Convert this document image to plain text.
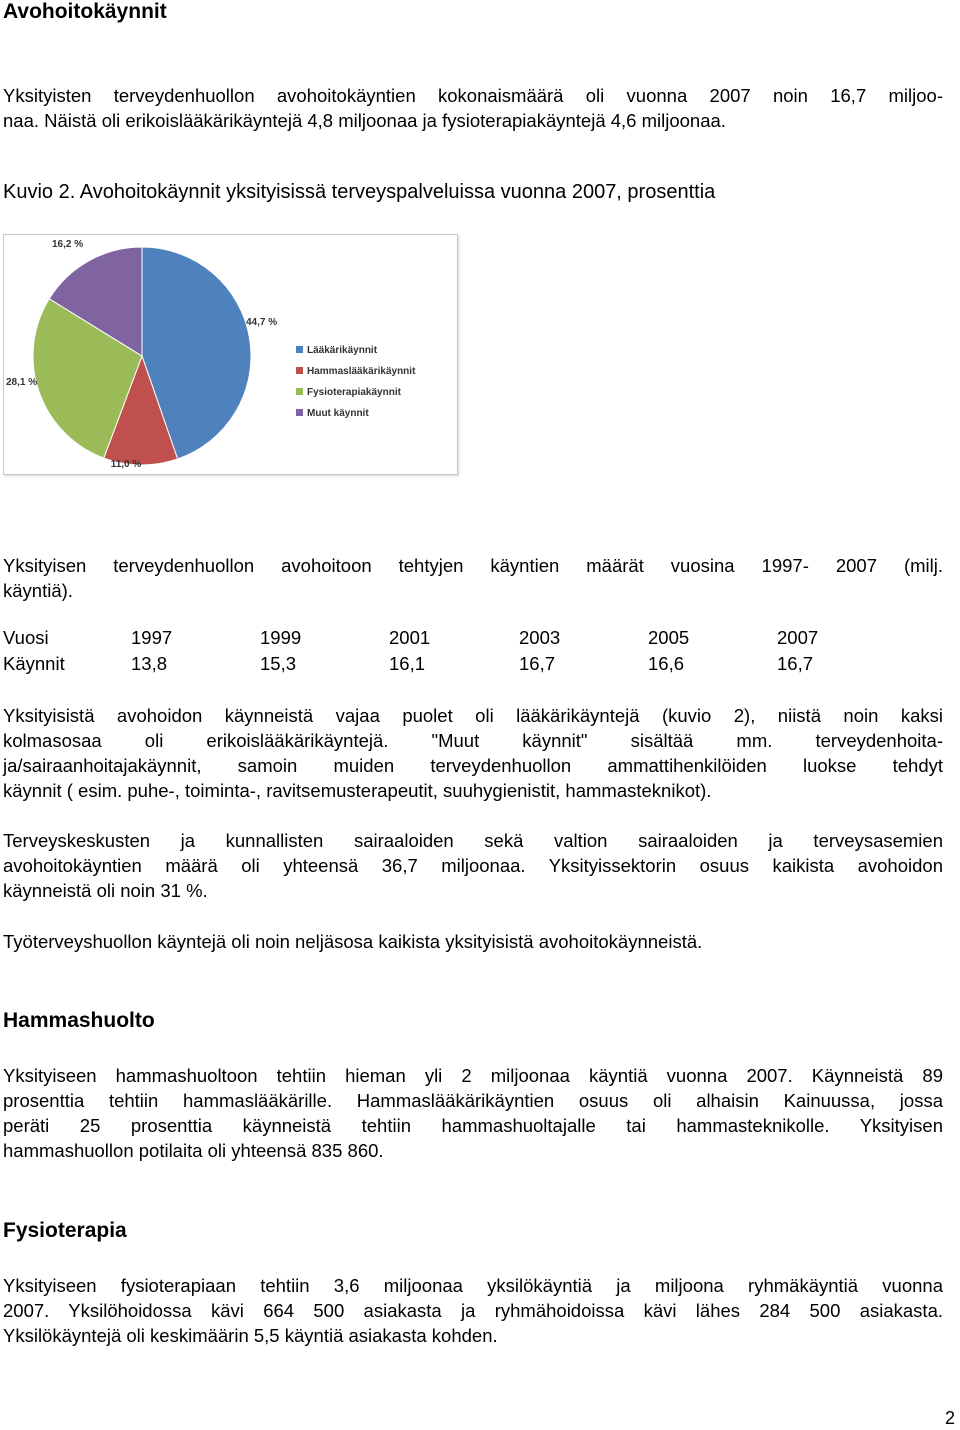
Avohoitokäynnit
Yksityisten terveydenhuollon avohoitokäyntien kokonaismäärä oli vuonna 2007 noin 16,7 miljoo-
naa. Näistä oli erikoislääkärikäyntejä 4,8 miljoonaa ja fysioterapiakäyntejä 4,6 miljoonaa.
Kuvio 2. Avohoitokäynnit yksityisissä terveyspalveluissa vuonna 2007, prosenttia
44,7 %
11,0 %
28,1 %
16,2 %
Lääkärikäynnit
Hammaslääkärikäynnit
Fysioterapiakäynnit
Muut käynnit
Yksityisen terveydenhuollon avohoitoon tehtyjen käyntien määrät vuosina 1997- 2007 (milj.
käyntiä).
Vuosi	1997	1999	2001	2003	2005	2007
Käynnit	13,8	15,3	16,1	16,7	16,6	16,7
Yksityisistä avohoidon käynneistä vajaa puolet oli lääkärikäyntejä (kuvio 2), niistä noin kaksi
kolmasosaa oli erikoislääkärikäyntejä. "Muut käynnit" sisältää mm. terveydenhoita-
ja/sairaanhoitajakäynnit, samoin muiden terveydenhuollon ammattihenkilöiden luokse tehdyt
käynnit ( esim. puhe-, toiminta-, ravitsemusterapeutit, suuhygienistit, hammasteknikot).
Terveyskeskusten ja kunnallisten sairaaloiden sekä valtion sairaaloiden ja terveysasemien
avohoitokäyntien määrä oli yhteensä 36,7 miljoonaa. Yksityissektorin osuus kaikista avohoidon
käynneistä oli noin 31 %.
Työterveyshuollon käyntejä oli noin neljäsosa kaikista yksityisistä avohoitokäynneistä.
Hammashuolto
Yksityiseen hammashuoltoon tehtiin hieman yli 2 miljoonaa käyntiä vuonna 2007. Käynneistä 89
prosenttia tehtiin hammaslääkärille. Hammaslääkärikäyntien osuus oli alhaisin Kainuussa, jossa
peräti 25 prosenttia käynneistä tehtiin hammashuoltajalle tai hammasteknikolle. Yksityisen
hammashuollon potilaita oli yhteensä 835 860.
Fysioterapia
Yksityiseen fysioterapiaan tehtiin 3,6 miljoonaa yksilökäyntiä ja miljoona ryhmäkäyntiä vuonna
2007. Yksilöhoidossa kävi 664 500 asiakasta ja ryhmähoidoissa kävi lähes 284 500 asiakasta.
Yksilökäyntejä oli keskimäärin 5,5 käyntiä asiakasta kohden.
2
